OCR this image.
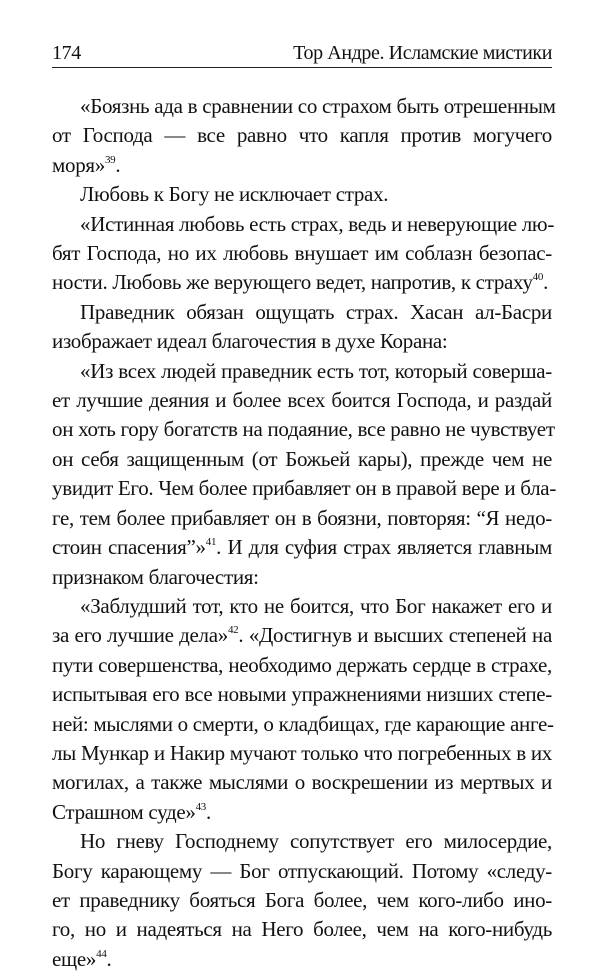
174	Тор Андре. Исламские мистики
«Боязнь ада в сравнении со страхом быть отрешенным
от Господа — все равно что капля против могучего
моря»$^{39}$.
Любовь к Богу не исключает страх.
«Истинная любовь есть страх, ведь и неверующие лю-
бят Господа, но их любовь внушает им соблазн безопас-
ности. Любовь же верующего ведет, напротив, к страху$^{40}$.
Праведник обязан ощущать страх. Хасан ал-Басри
изображает идеал благочестия в духе Корана:
«Из всех людей праведник есть тот, который соверша-
ет лучшие деяния и более всех боится Господа, и раздай
он хоть гору богатств на подаяние, все равно не чувствует
он себя защищенным (от Божьей кары), прежде чем не
увидит Его. Чем более прибавляет он в правой вере и бла-
ге, тем более прибавляет он в боязни, повторяя: “Я недо-
стоин спасения”»$^{41}$. И для суфия страх является главным
признаком благочестия:
«Заблудший тот, кто не боится, что Бог накажет его и
за его лучшие дела»$^{42}$. «Достигнув и высших степеней на
пути совершенства, необходимо держать сердце в страхе,
испытывая его все новыми упражнениями низших степе-
ней: мыслями о смерти, о кладбищах, где карающие анге-
лы Мункар и Накир мучают только что погребенных в их
могилах, а также мыслями о воскрешении из мертвых и
Страшном суде»$^{43}$.
Но гневу Господнему сопутствует его милосердие,
Богу карающему — Бог отпускающий. Потому «следу-
ет праведнику бояться Бога более, чем кого-либо ино-
го, но и надеяться на Него более, чем на кого-нибудь
еще»$^{44}$.
